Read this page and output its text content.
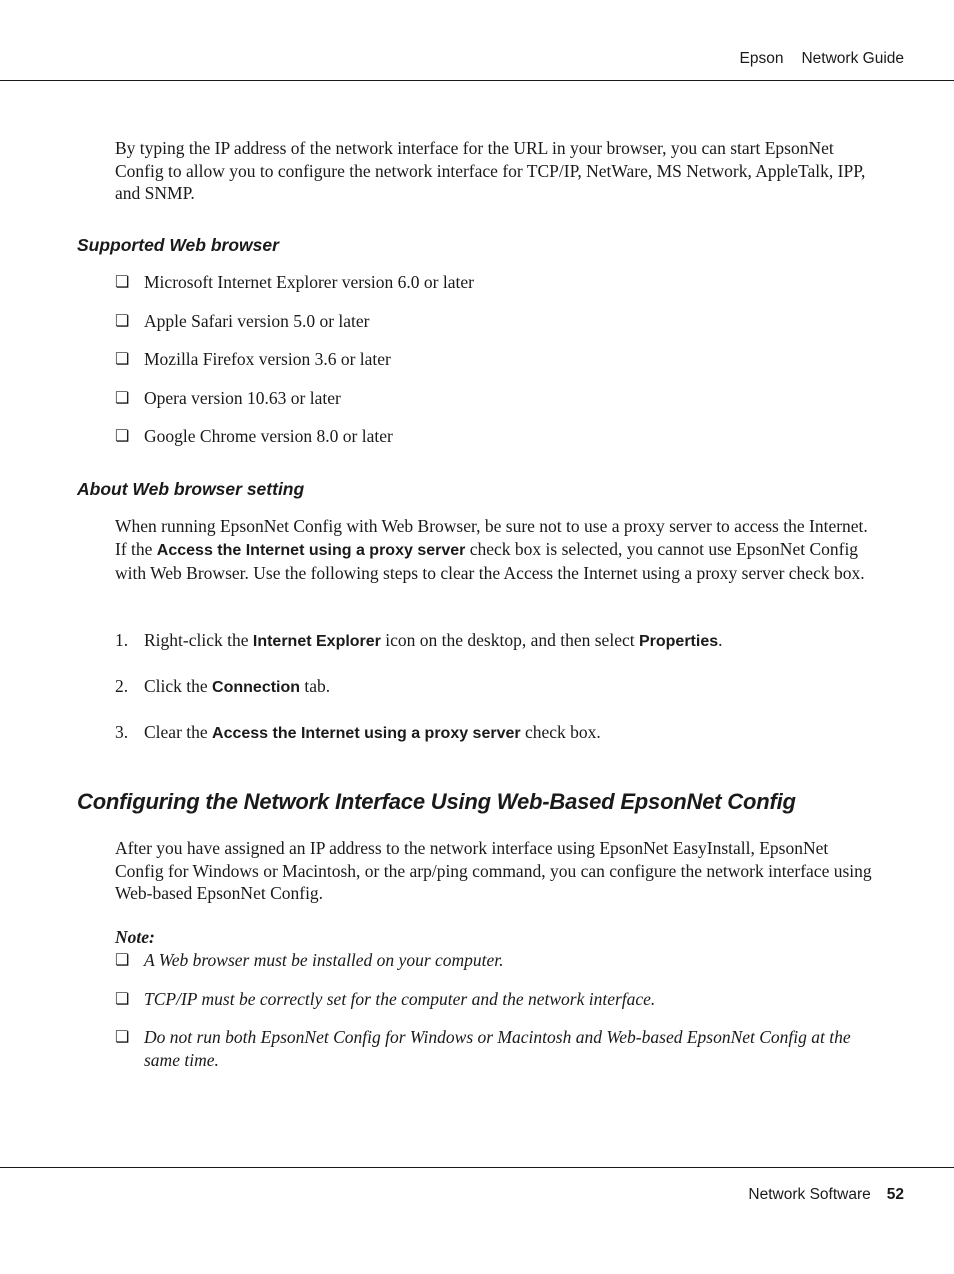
Epson Network Guide

By typing the IP address of the network interface for the URL in your browser, you can start EpsonNet Config to allow you to configure the network interface for TCP/IP, NetWare, MS Network, AppleTalk, IPP, and SNMP.

Supported Web browser
❏ Microsoft Internet Explorer version 6.0 or later
❏ Apple Safari version 5.0 or later
❏ Mozilla Firefox version 3.6 or later
❏ Opera version 10.63 or later
❏ Google Chrome version 8.0 or later
About Web browser setting

When running EpsonNet Config with Web Browser, be sure not to use a proxy server to access the Internet. If the Access the Internet using a proxy server check box is selected, you cannot use EpsonNet Config with Web Browser. Use the following steps to clear the Access the Internet using a proxy server check box.

1. Right-click the Internet Explorer icon on the desktop, and then select Properties.
2. Click the Connection tab.
3. Clear the Access the Internet using a proxy server check box.
Configuring the Network Interface Using Web-Based EpsonNet Config

After you have assigned an IP address to the network interface using EpsonNet EasyInstall, EpsonNet Config for Windows or Macintosh, or the arp/ping command, you can configure the network interface using Web-based EpsonNet Config.

Note:

❏ A Web browser must be installed on your computer.
❏ TCP/IP must be correctly set for the computer and the network interface.
❏ Do not run both EpsonNet Config for Windows or Macintosh and Web-based EpsonNet Config at the same time.
Network Software 52
